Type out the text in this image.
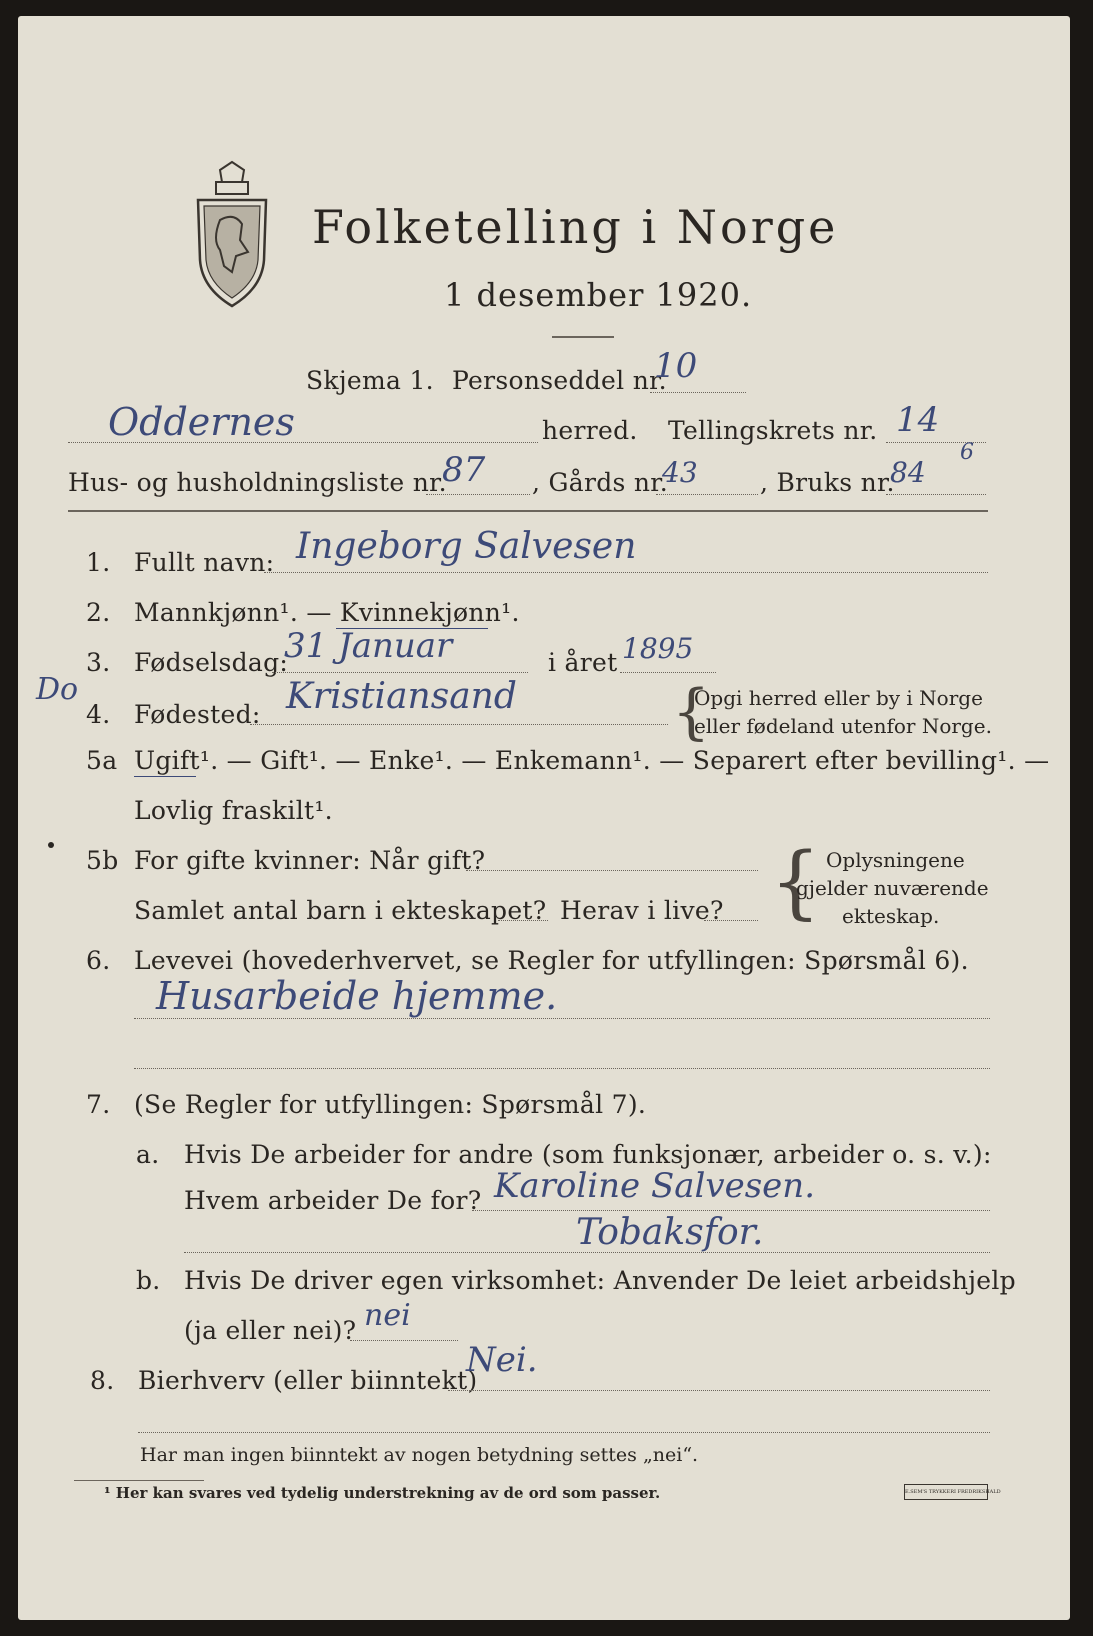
Folketelling i Norge
1 desember 1920.
Skjema 1. Personseddel nr.
10
Oddernes	herred. Tellingskrets nr. 14
Hus- og husholdningsliste nr.
87 , Gårds nr.
43 , Bruks nr.
84
6
1. Fullt navn: Ingeborg Salvesen
2. Mannkjønn¹. — Kvinnekjønn¹.
3. Fødselsdag:
31 Januar	i året 1895
Do
4. Fødested: Kristiansand	{
Opgi herred eller by i Norge
eller fødeland utenfor Norge.
5a Ugift¹. — Gift¹. — Enke¹. — Enkemann¹. — Separert efter bevilling¹. —
Lovlig fraskilt¹.
5b For gifte kvinner: Når gift?
Samlet antal barn i ekteskapet? Herav i live? { Oplysningene
gjelder nuværende
ekteskap.
6. Levevei (hovederhvervet, se Regler for utfyllingen: Spørsmål 6).
Husarbeide hjemme.
7. (Se Regler for utfyllingen: Spørsmål 7).
a. Hvis De arbeider for andre (som funksjonær, arbeider o. s. v.):
Hvem arbeider De for? Karoline Salvesen.
Tobaksfor.
b. Hvis De driver egen virksomhet: Anvender De leiet arbeidshjelp
(ja eller nei)? nei
8. Bierhverv (eller biinntekt)
Nei.
Har man ingen biinntekt av nogen betydning settes „nei“.
¹ Her kan svares ved tydelig understrekning av de ord som passer.	E.SEM'S TRYKKERI FREDRIKSHALD
